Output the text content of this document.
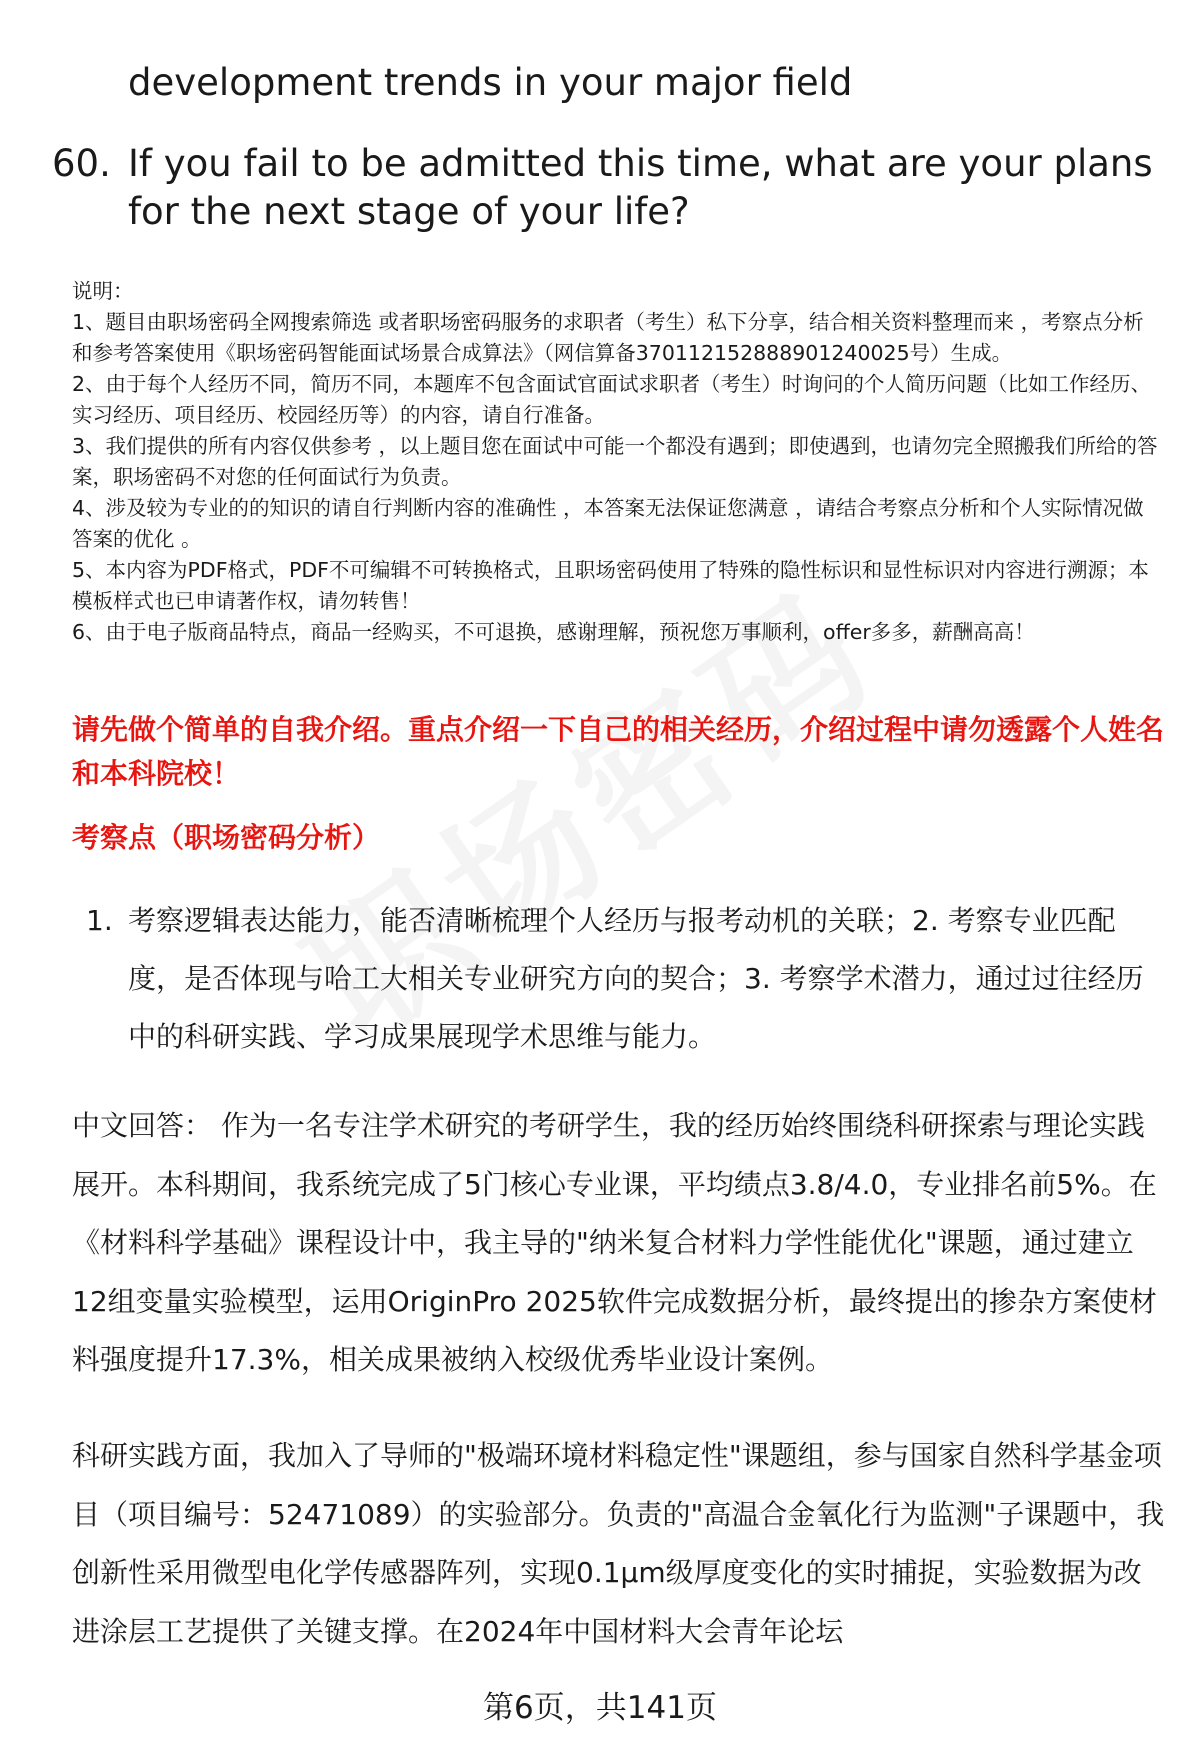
development trends in your major field
60. If you fail to be admitted this time, what are your plans for the next stage of your life?
说明：
1、题目由职场密码全网搜索筛选 或者职场密码服务的求职者（考生）私下分享，结合相关资料整理而来 ，考察点分析和参考答案使用《职场密码智能面试场景合成算法》（网信算备370112152888901240025号）生成。
2、由于每个人经历不同，简历不同，本题库不包含面试官面试求职者（考生）时询问的个人简历问题（比如工作经历、实习经历、项目经历、校园经历等）的内容，请自行准备。
3、我们提供的所有内容仅供参考 ，以上题目您在面试中可能一个都没有遇到；即使遇到，也请勿完全照搬我们所给的答案，职场密码不对您的任何面试行为负责。
4、涉及较为专业的的知识的请自行判断内容的准确性 ，本答案无法保证您满意 ，请结合考察点分析和个人实际情况做答案的优化 。
5、本内容为PDF格式，PDF不可编辑不可转换格式，且职场密码使用了特殊的隐性标识和显性标识对内容进行溯源；本模板样式也已申请著作权，请勿转售！
6、由于电子版商品特点，商品一经购买，不可退换，感谢理解，预祝您万事顺利，offer多多，薪酬高高！
请先做个简单的自我介绍。重点介绍一下自己的相关经历，介绍过程中请勿透露个人姓名和本科院校！
考察点（职场密码分析）
1. 考察逻辑表达能力，能否清晰梳理个人经历与报考动机的关联；2. 考察专业匹配度，是否体现与哈工大相关专业研究方向的契合；3. 考察学术潜力，通过过往经历中的科研实践、学习成果展现学术思维与能力。
中文回答： 作为一名专注学术研究的考研学生，我的经历始终围绕科研探索与理论实践展开。本科期间，我系统完成了5门核心专业课，平均绩点3.8/4.0，专业排名前5%。在《材料科学基础》课程设计中，我主导的"纳米复合材料力学性能优化"课题，通过建立12组变量实验模型，运用OriginPro 2025软件完成数据分析，最终提出的掺杂方案使材料强度提升17.3%，相关成果被纳入校级优秀毕业设计案例。
科研实践方面，我加入了导师的"极端环境材料稳定性"课题组，参与国家自然科学基金项目（项目编号：52471089）的实验部分。负责的"高温合金氧化行为监测"子课题中，我创新性采用微型电化学传感器阵列，实现0.1μm级厚度变化的实时捕捉，实验数据为改进涂层工艺提供了关键支撑。在2024年中国材料大会青年论坛
第6页，共141页
